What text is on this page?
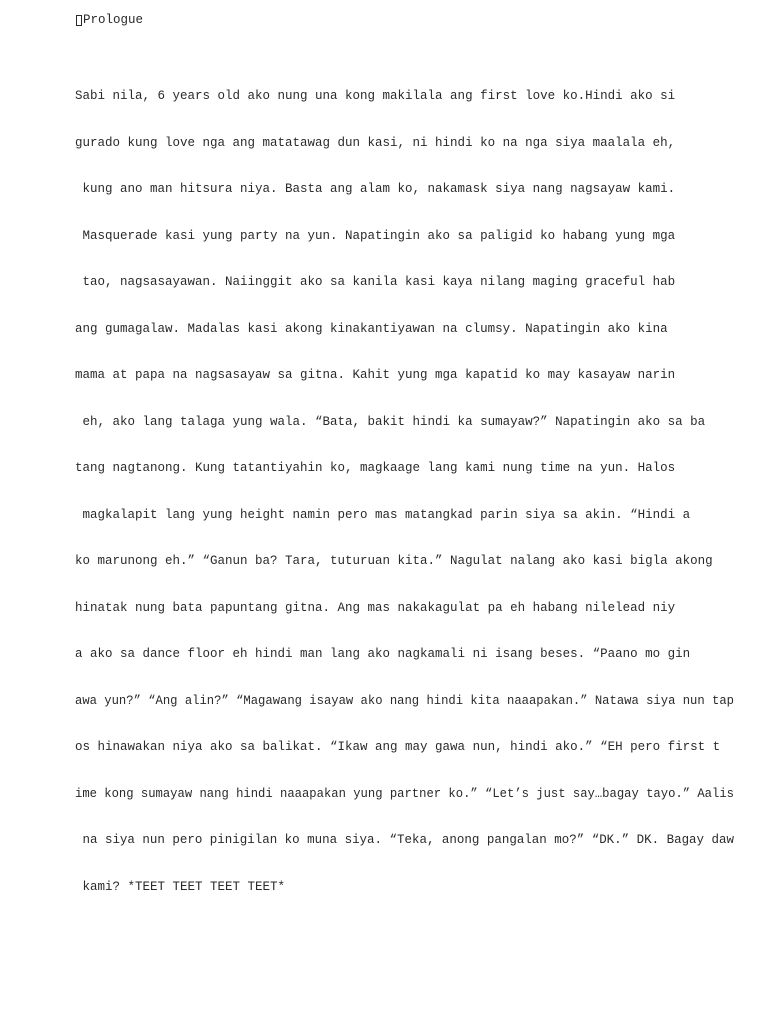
Prologue

Sabi nila, 6 years old ako nung una kong makilala ang first love ko.Hindi ako si

gurado kung love nga ang matatawag dun kasi, ni hindi ko na nga siya maalala eh,

kung ano man hitsura niya. Basta ang alam ko, nakamask siya nang nagsayaw kami.

Masquerade kasi yung party na yun. Napatingin ako sa paligid ko habang yung mga

tao, nagsasayawan. Naiinggit ako sa kanila kasi kaya nilang maging graceful hab

ang gumagalaw. Madalas kasi akong kinakantiyawan na clumsy. Napatingin ako kina

mama at papa na nagsasayaw sa gitna. Kahit yung mga kapatid ko may kasayaw narin

eh, ako lang talaga yung wala. “Bata, bakit hindi ka sumayaw?” Napatingin ako sa ba

tang nagtanong. Kung tatantiyahin ko, magkaage lang kami nung time na yun. Halos

magkalapit lang yung height namin pero mas matangkad parin siya sa akin. “Hindi a

ko marunong eh.” “Ganun ba? Tara, tuturuan kita.” Nagulat nalang ako kasi bigla akong

hinatak nung bata papuntang gitna. Ang mas nakakagulat pa eh habang nilelead niy

a ako sa dance floor eh hindi man lang ako nagkamali ni isang beses. “Paano mo gin

awa yun?” “Ang alin?” “Magawang isayaw ako nang hindi kita naaapakan.” Natawa siya nun tap

os hinawakan niya ako sa balikat. “Ikaw ang may gawa nun, hindi ako.” “EH pero first t

ime kong sumayaw nang hindi naaapakan yung partner ko.” “Let’s just say…bagay tayo.” Aalis

na siya nun pero pinigilan ko muna siya. “Teka, anong pangalan mo?” “DK.” DK. Bagay daw

kami? *TEET TEET TEET TEET*
